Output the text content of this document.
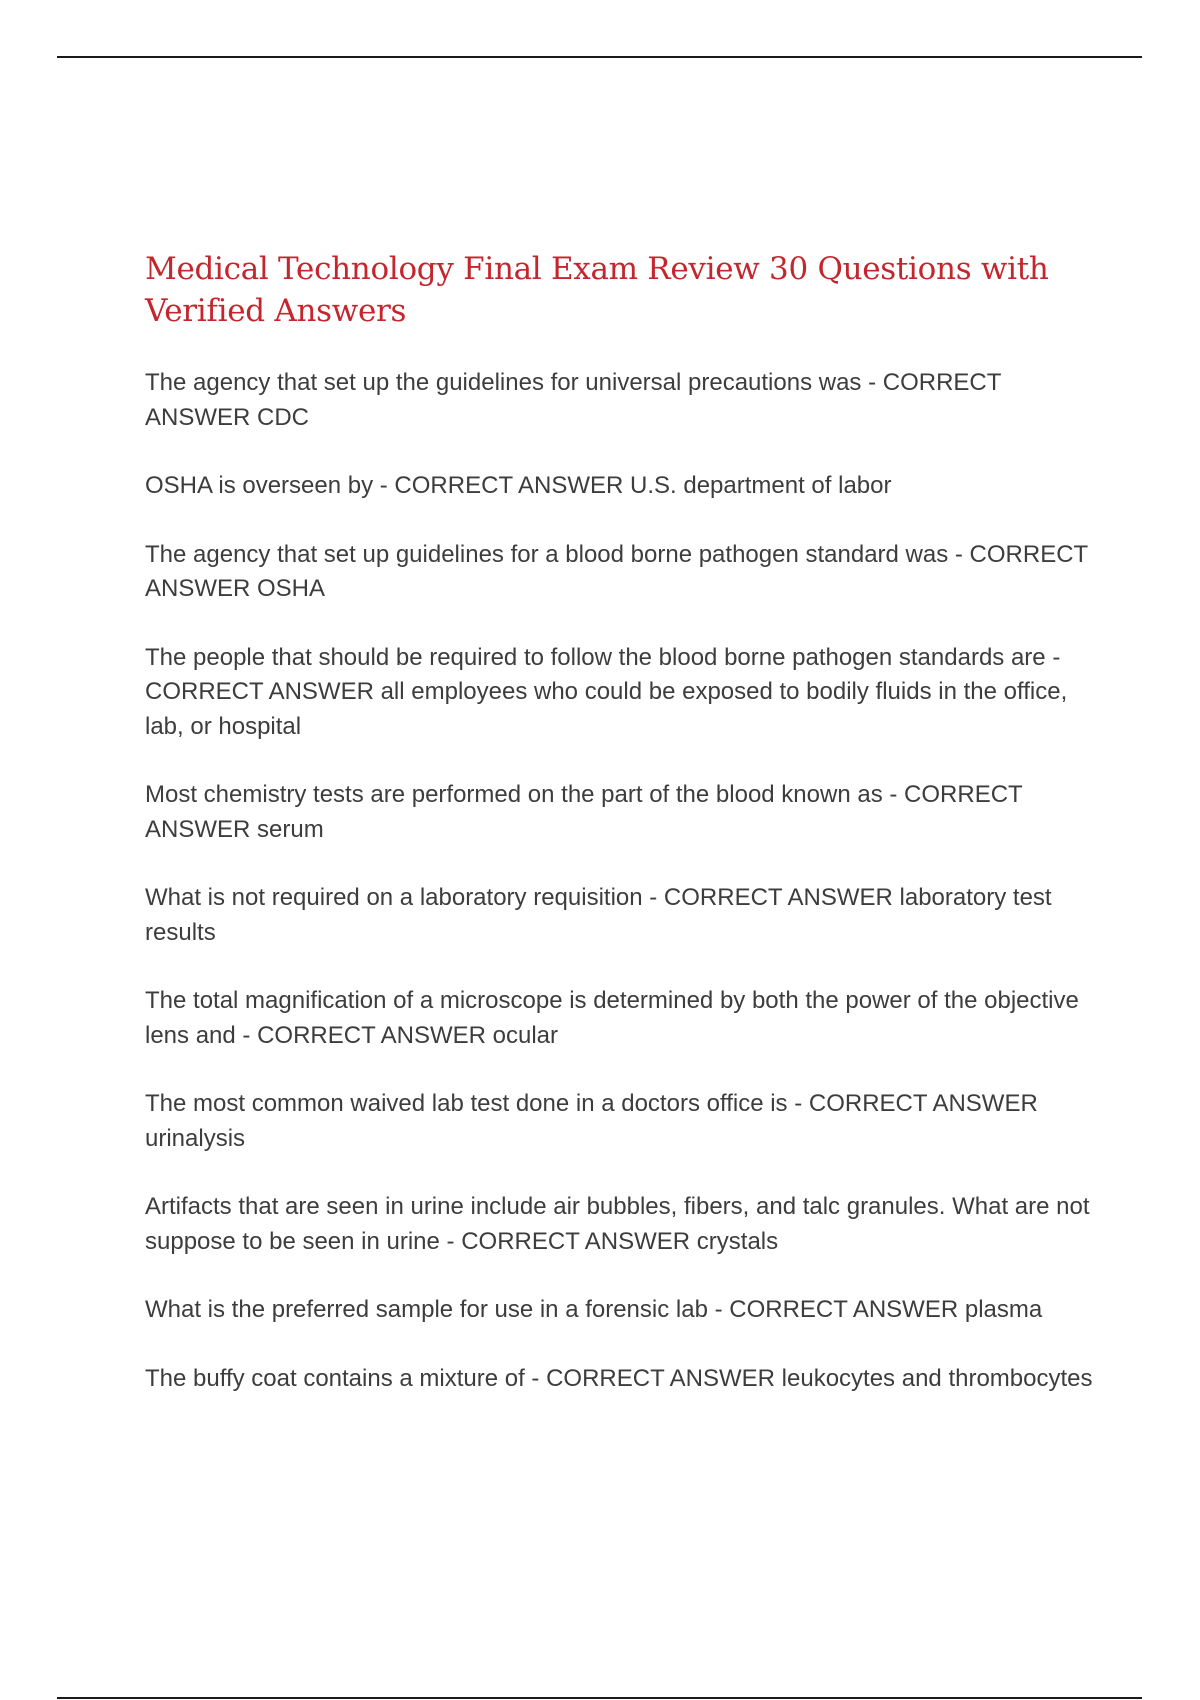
Medical Technology Final Exam Review 30 Questions with Verified Answers
The agency that set up the guidelines for universal precautions was - CORRECT ANSWER CDC
OSHA is overseen by - CORRECT ANSWER U.S. department of labor
The agency that set up guidelines for a blood borne pathogen standard was - CORRECT ANSWER OSHA
The people that should be required to follow the blood borne pathogen standards are - CORRECT ANSWER all employees who could be exposed to bodily fluids in the office, lab, or hospital
Most chemistry tests are performed on the part of the blood known as - CORRECT ANSWER serum
What is not required on a laboratory requisition - CORRECT ANSWER laboratory test results
The total magnification of a microscope is determined by both the power of the objective lens and - CORRECT ANSWER ocular
The most common waived lab test done in a doctors office is - CORRECT ANSWER urinalysis
Artifacts that are seen in urine include air bubbles, fibers, and talc granules. What are not suppose to be seen in urine - CORRECT ANSWER crystals
What is the preferred sample for use in a forensic lab - CORRECT ANSWER plasma
The buffy coat contains a mixture of - CORRECT ANSWER leukocytes and thrombocytes
